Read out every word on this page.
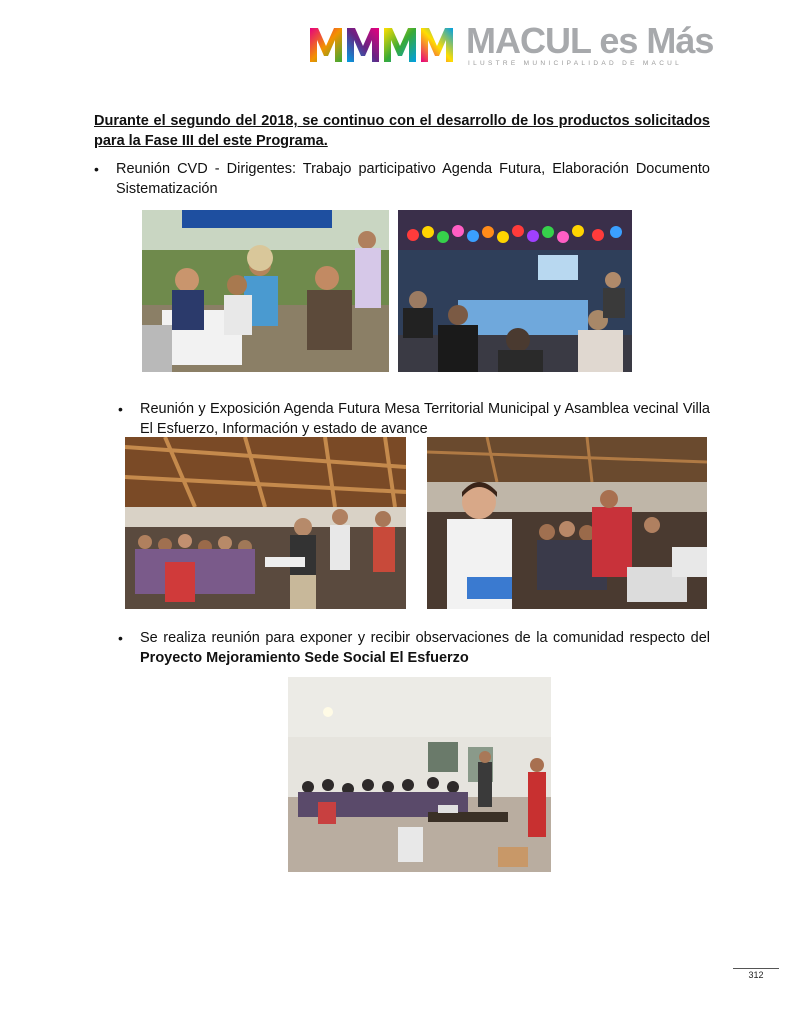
MACUL es Más
ILUSTRE MUNICIPALIDAD DE MACUL
Durante el segundo del 2018, se continuo con el desarrollo de los productos solicitados para la Fase III del este Programa.
• Reunión CVD - Dirigentes: Trabajo participativo Agenda Futura, Elaboración Documento Sistematización
• Reunión y Exposición Agenda Futura Mesa Territorial Municipal y Asamblea vecinal Villa El Esfuerzo, Información y estado de avance
• Se realiza reunión para exponer y recibir observaciones de la comunidad respecto del Proyecto Mejoramiento Sede Social El Esfuerzo
312
